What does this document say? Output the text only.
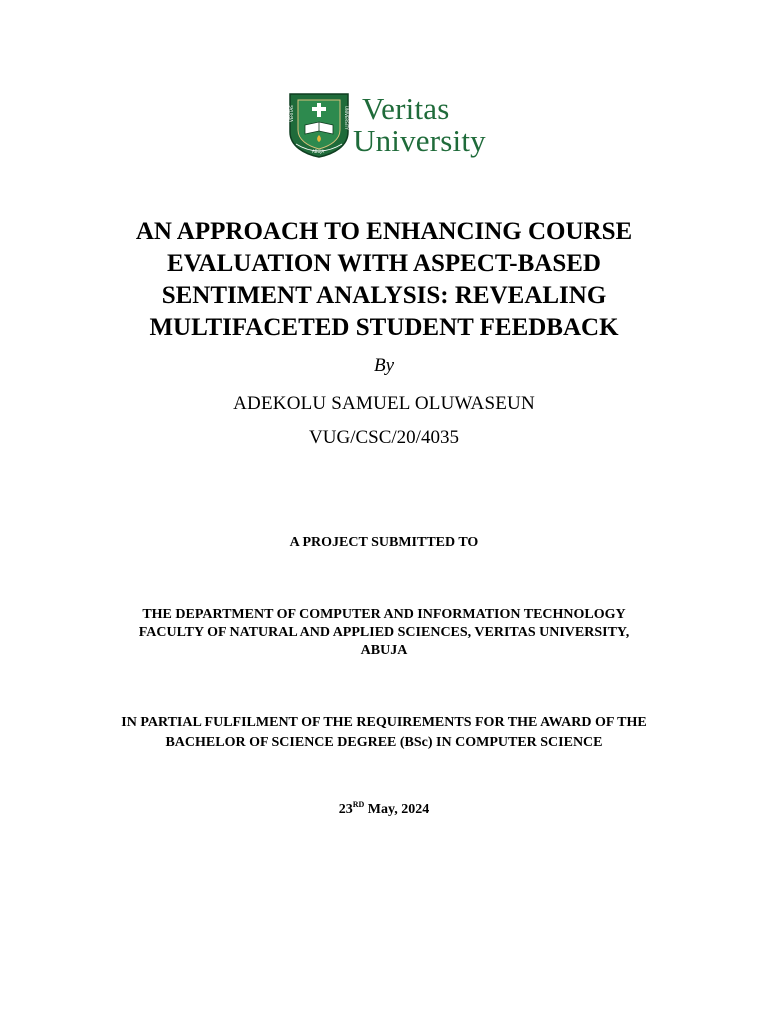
VERITAS	UNIVERSITY
ABUJA
Veritas
University
AN APPROACH TO ENHANCING COURSE
EVALUATION WITH ASPECT-BASED
SENTIMENT ANALYSIS: REVEALING
MULTIFACETED STUDENT FEEDBACK
By
ADEKOLU SAMUEL OLUWASEUN
VUG/CSC/20/4035
A PROJECT SUBMITTED TO
THE DEPARTMENT OF COMPUTER AND INFORMATION TECHNOLOGY
FACULTY OF NATURAL AND APPLIED SCIENCES, VERITAS UNIVERSITY,
ABUJA
IN PARTIAL FULFILMENT OF THE REQUIREMENTS FOR THE AWARD OF THE
BACHELOR OF SCIENCE DEGREE (BSc) IN COMPUTER SCIENCE
23RD May, 2024
